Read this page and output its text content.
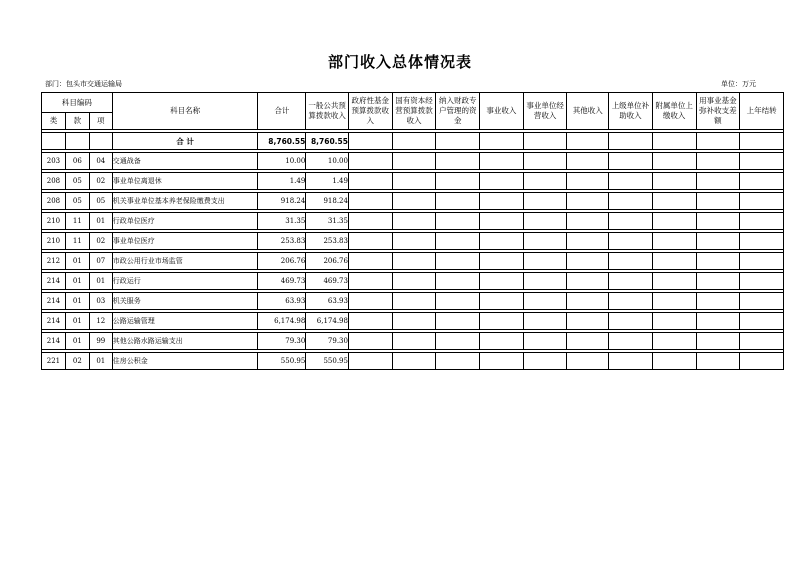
部门收入总体情况表
部门：包头市交通运输局	单位：万元
科目编码			科目名称	合计	一般公共预算拨款收入	政府性基金预算拨款收入	国有资本经营预算拨款收入	纳入财政专户管理的资金	事业收入	事业单位经营收入	其他收入	上级单位补助收入	附属单位上缴收入	用事业基金弥补收支差额	上年结转
类	款	项													

			合 计	8,760.55	8,760.55										

203	06	04	交通战备	10.00	10.00										

208	05	02	事业单位离退休	1.49	1.49										

208	05	05	机关事业单位基本养老保险缴费支出	918.24	918.24										

210	11	01	行政单位医疗	31.35	31.35										

210	11	02	事业单位医疗	253.83	253.83										

212	01	07	市政公用行业市场监管	206.76	206.76										

214	01	01	行政运行	469.73	469.73										

214	01	03	机关服务	63.93	63.93										

214	01	12	公路运输管理	6,174.98	6,174.98										

214	01	99	其他公路水路运输支出	79.30	79.30										

221	02	01	住房公积金	550.95	550.95										
